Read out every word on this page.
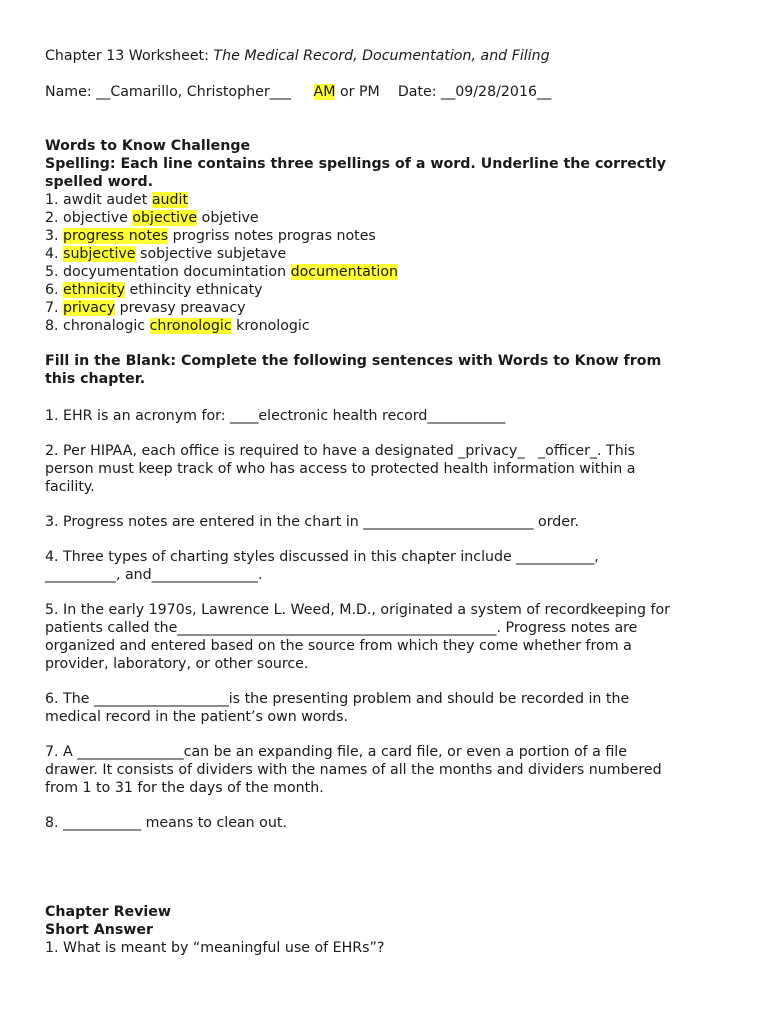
Chapter 13 Worksheet: The Medical Record, Documentation, and Filing
Name: __Camarillo, Christopher___     AM or PM    Date: __09/28/2016__
Words to Know Challenge
Spelling: Each line contains three spellings of a word. Underline the correctly
spelled word.
1. awdit audet audit
2. objective objective objetive
3. progress notes progriss notes progras notes
4. subjective sobjective subjetave
5. docyumentation documintation documentation
6. ethnicity ethincity ethnicaty
7. privacy prevasy preavacy
8. chronalogic chronologic kronologic
Fill in the Blank: Complete the following sentences with Words to Know from
this chapter.
1. EHR is an acronym for: ____electronic health record___________
2. Per HIPAA, each office is required to have a designated _privacy_   _officer_. This
person must keep track of who has access to protected health information within a
facility.
3. Progress notes are entered in the chart in ________________________ order.
4. Three types of charting styles discussed in this chapter include ___________,
__________, and_______________.
5. In the early 1970s, Lawrence L. Weed, M.D., originated a system of recordkeeping for
patients called the_____________________________________________. Progress notes are
organized and entered based on the source from which they come whether from a
provider, laboratory, or other source.
6. The ___________________is the presenting problem and should be recorded in the
medical record in the patient’s own words.
7. A _______________can be an expanding file, a card file, or even a portion of a file
drawer. It consists of dividers with the names of all the months and dividers numbered
from 1 to 31 for the days of the month.
8. ___________ means to clean out.
Chapter Review
Short Answer
1. What is meant by “meaningful use of EHRs”?
